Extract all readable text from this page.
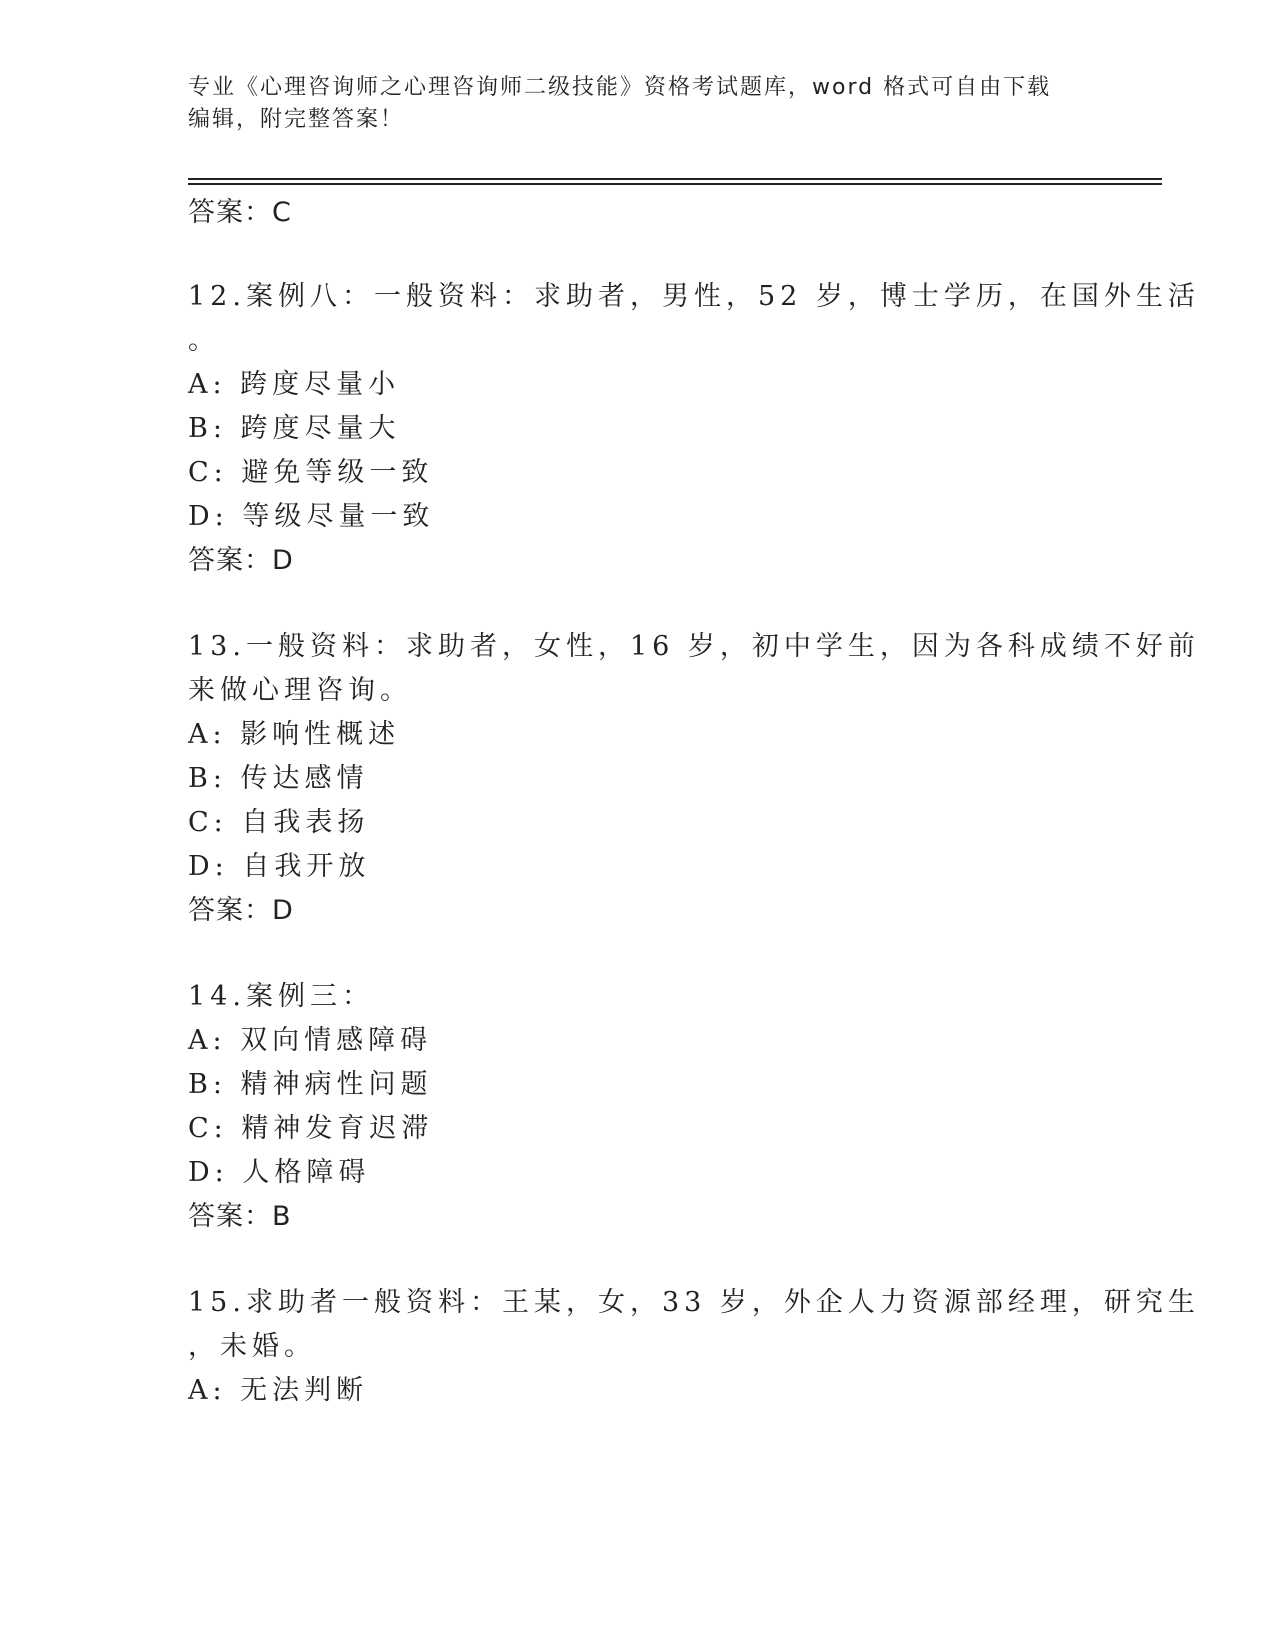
专业《心理咨询师之心理咨询师二级技能》资格考试题库，word 格式可自由下载
编辑，附完整答案！
答案：C
12.案例八：一般资料：求助者，男性，52 岁，博士学历，在国外生活
。
A: 跨度尽量小
B: 跨度尽量大
C: 避免等级一致
D: 等级尽量一致
答案：D
13.一般资料：求助者，女性，16 岁，初中学生，因为各科成绩不好前
来做心理咨询。
A: 影响性概述
B: 传达感情
C: 自我表扬
D: 自我开放
答案：D
14.案例三：
A: 双向情感障碍
B: 精神病性问题
C: 精神发育迟滞
D: 人格障碍
答案：B
15.求助者一般资料：王某，女，33 岁，外企人力资源部经理，研究生
，未婚。
A: 无法判断
